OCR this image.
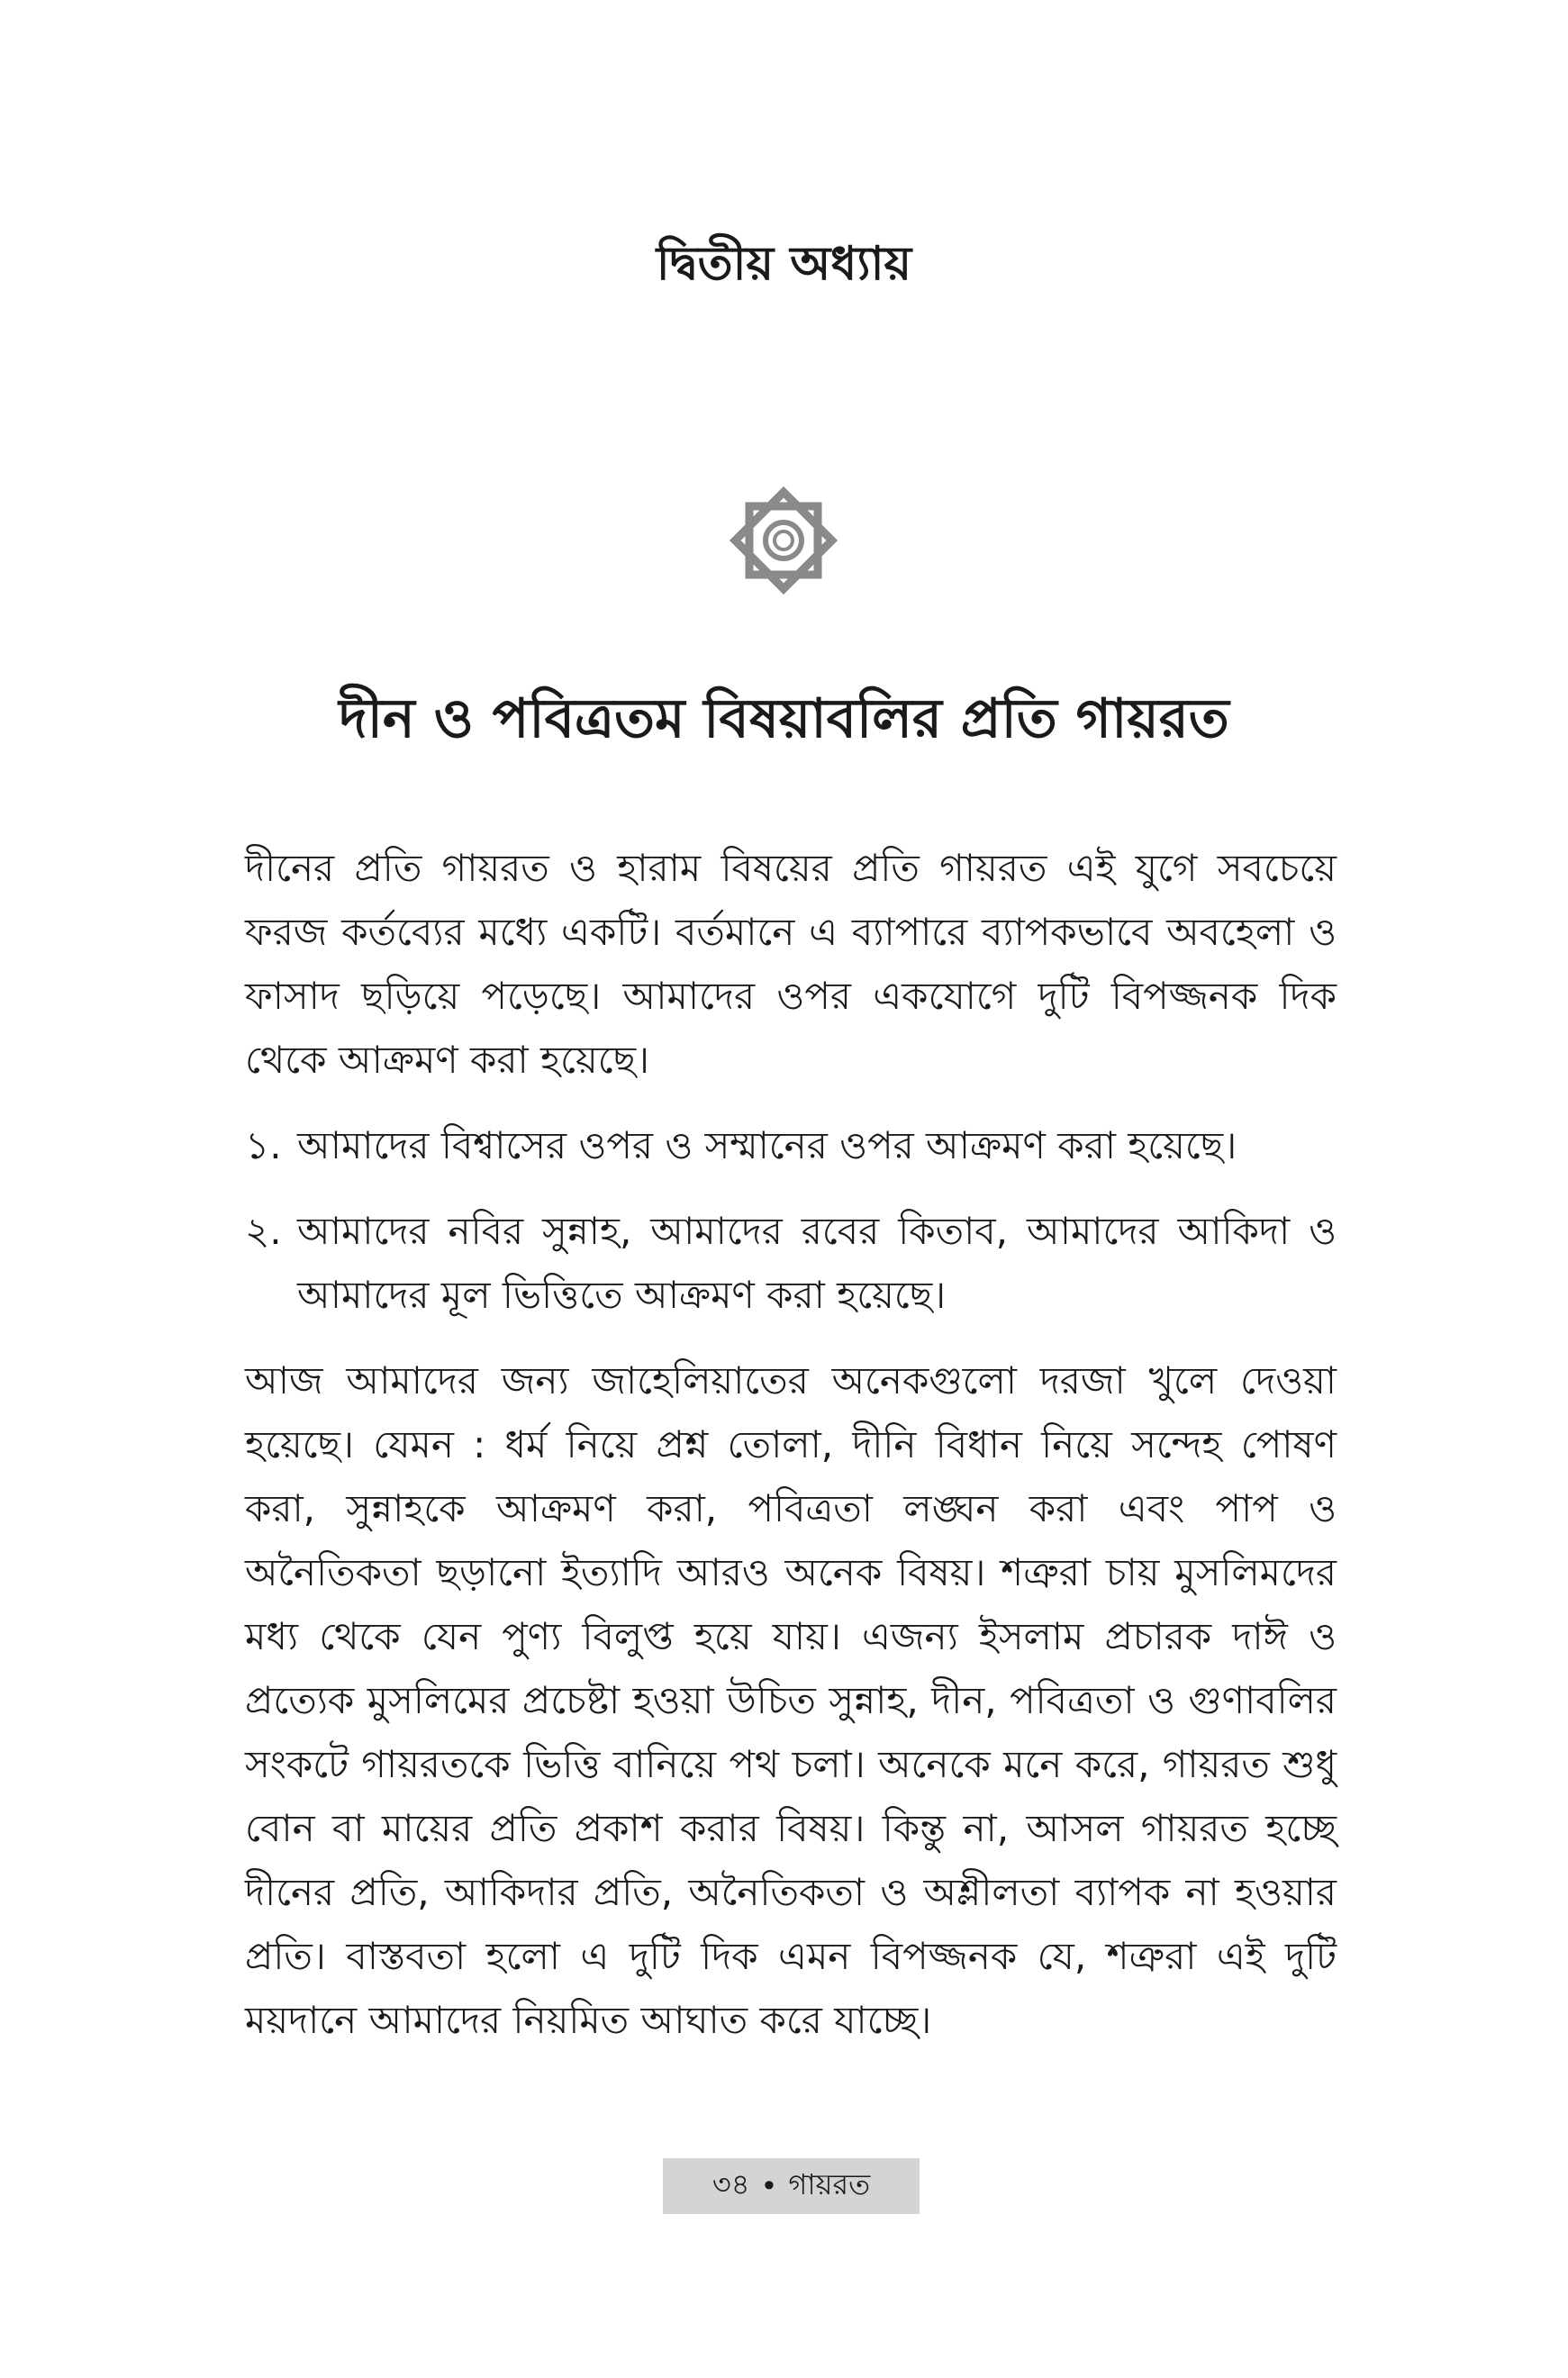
দ্বিতীয় অধ্যায়
দীন ও পবিত্রতম বিষয়াবলির প্রতি গায়রত

দীনের প্রতি গায়রত ও হারাম বিষয়ের প্রতি গায়রত এই যুগে সবচেয়ে ফরজ কর্তব্যের মধ্যে একটি। বর্তমানে এ ব্যাপারে ব্যাপকভাবে অবহেলা ও ফাসাদ ছড়িয়ে পড়েছে। আমাদের ওপর একযোগে দুটি বিপজ্জনক দিক থেকে আক্রমণ করা হয়েছে।

১. আমাদের বিশ্বাসের ওপর ও সম্মানের ওপর আক্রমণ করা হয়েছে।
২. আমাদের নবির সুন্নাহ, আমাদের রবের কিতাব, আমাদের আকিদা ও আমাদের মূল ভিত্তিতে আক্রমণ করা হয়েছে।

আজ আমাদের জন্য জাহেলিয়াতের অনেকগুলো দরজা খুলে দেওয়া হয়েছে। যেমন : ধর্ম নিয়ে প্রশ্ন তোলা, দীনি বিধান নিয়ে সন্দেহ পোষণ করা, সুন্নাহকে আক্রমণ করা, পবিত্রতা লঙ্ঘন করা এবং পাপ ও অনৈতিকতা ছড়ানো ইত্যাদি আরও অনেক বিষয়। শত্রুরা চায় মুসলিমদের মধ্য থেকে যেন পুণ্য বিলুপ্ত হয়ে যায়। এজন্য ইসলাম প্রচারক দাঈ ও প্রত্যেক মুসলিমের প্রচেষ্টা হওয়া উচিত সুন্নাহ, দীন, পবিত্রতা ও গুণাবলির সংকটে গায়রতকে ভিত্তি বানিয়ে পথ চলা। অনেকে মনে করে, গায়রত শুধু বোন বা মায়ের প্রতি প্রকাশ করার বিষয়। কিন্তু না, আসল গায়রত হচ্ছে দীনের প্রতি, আকিদার প্রতি, অনৈতিকতা ও অশ্লীলতা ব্যাপক না হওয়ার প্রতি। বাস্তবতা হলো এ দুটি দিক এমন বিপজ্জনক যে, শত্রুরা এই দুটি ময়দানে আমাদের নিয়মিত আঘাত করে যাচ্ছে।

৩৪ • গায়রত
